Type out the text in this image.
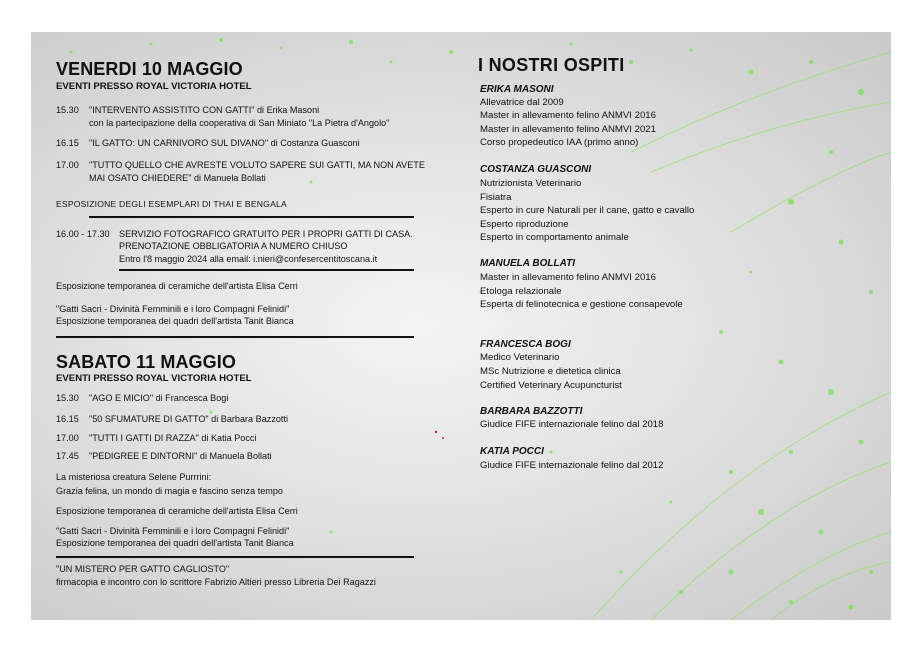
VENERDI 10 MAGGIO
EVENTI PRESSO ROYAL VICTORIA HOTEL
15.30 "INTERVENTO ASSISTITO CON GATTI" di Erika Masoni
con la partecipazione della cooperativa di San Miniato "La Pietra d'Angolo"
16.15 "IL GATTO: UN CARNIVORO SUL DIVANO" di Costanza Guasconi
17.00 "TUTTO QUELLO CHE AVRESTE VOLUTO SAPERE SUI GATTI, MA NON AVETE
MAI OSATO CHIEDERE" di Manuela Bollati
ESPOSIZIONE DEGLI ESEMPLARI DI THAI E BENGALA
16.00 - 17.30 SERVIZIO FOTOGRAFICO GRATUITO PER I PROPRI GATTI DI CASA.
PRENOTAZIONE OBBLIGATORIA A NUMERO CHIUSO
Entro l'8 maggio 2024 alla email: i.nieri@confesercentitoscana.it
Esposizione temporanea di ceramiche dell'artista Elisa Cerri
"Gatti Sacri - Divinità Femminili e i loro Compagni Felinidi"
Esposizione temporanea dei quadri dell'artista Tanit Bianca
SABATO 11 MAGGIO
EVENTI PRESSO ROYAL VICTORIA HOTEL
15.30 "AGO E MICIO" di Francesca Bogi
16.15 "50 SFUMATURE DI GATTO" di Barbara Bazzotti
17.00 "TUTTI I GATTI DI RAZZA" di Katia Pocci
17.45 "PEDIGREE E DINTORNI" di Manuela Bollati
La misteriosa creatura Selene Purrrini:
Grazia felina, un mondo di magia e fascino senza tempo
Esposizione temporanea di ceramiche dell'artista Elisa Cerri
"Gatti Sacri - Divinità Femminili e i loro Compagni Felinidi"
Esposizione temporanea dei quadri dell'artista Tanit Bianca
"UN MISTERO PER GATTO CAGLIOSTO"
firmacopia e incontro con lo scrittore Fabrizio Altieri presso Libreria Dei Ragazzi
I NOSTRI OSPITI
ERIKA MASONI
Allevatrice dal 2009
Master in allevamento felino ANMVI 2016
Master in allevamento felino ANMVI 2021
Corso propedeutico IAA (primo anno)
COSTANZA GUASCONI
Nutrizionista Veterinario
Fisiatra
Esperto in cure Naturali per il cane, gatto e cavallo
Esperto riproduzione
Esperto in comportamento animale
MANUELA BOLLATI
Master in allevamento felino ANMVI 2016
Etologa relazionale
Esperta di felinotecnica e gestione consapevole
FRANCESCA BOGI
Medico Veterinario
MSc Nutrizione e dietetica clinica
Certified Veterinary Acupuncturist
BARBARA BAZZOTTI
Giudice FIFE internazionale felino dal 2018
KATIA POCCI
Giudice FIFE internazionale felino dal 2012
